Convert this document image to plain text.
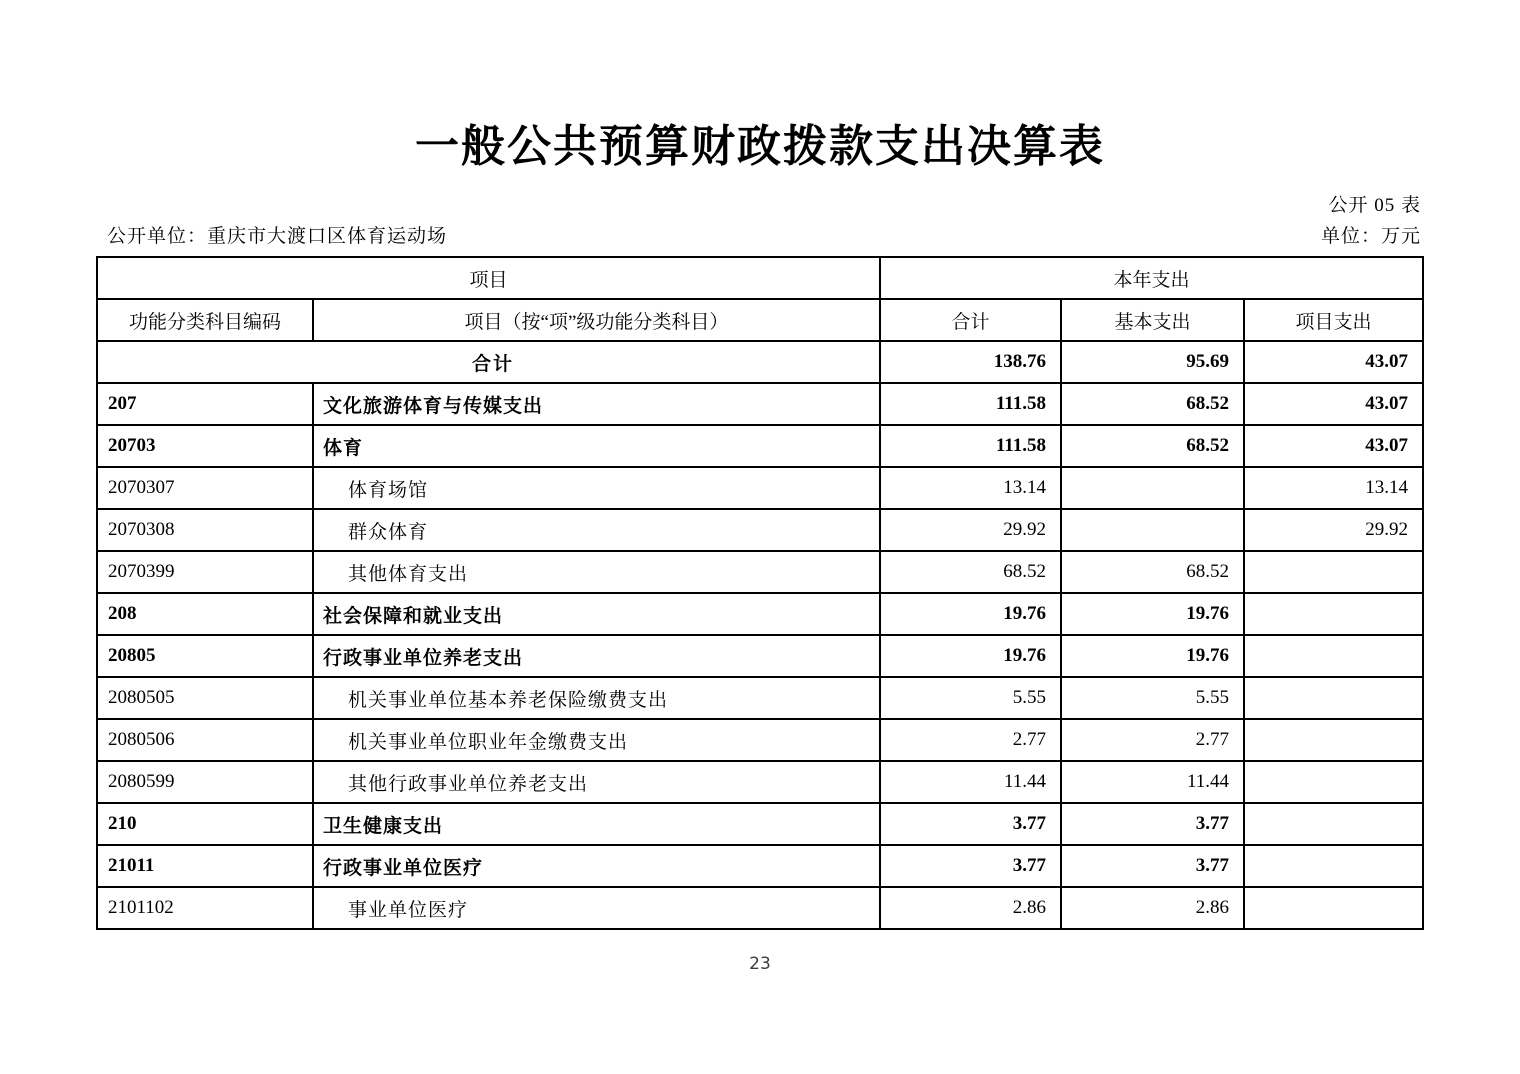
一般公共预算财政拨款支出决算表
公开 05 表
公开单位：重庆市大渡口区体育运动场	单位：万元
项目		本年支出		
功能分类科目编码	项目（按“项”级功能分类科目）	合计	基本支出	项目支出
合计		138.76	95.69	43.07
207	文化旅游体育与传媒支出	111.58	68.52	43.07
20703	体育	111.58	68.52	43.07
2070307	体育场馆	13.14		13.14
2070308	群众体育	29.92		29.92
2070399	其他体育支出	68.52	68.52	
208	社会保障和就业支出	19.76	19.76	
20805	行政事业单位养老支出	19.76	19.76	
2080505	机关事业单位基本养老保险缴费支出	5.55	5.55	
2080506	机关事业单位职业年金缴费支出	2.77	2.77	
2080599	其他行政事业单位养老支出	11.44	11.44	
210	卫生健康支出	3.77	3.77	
21011	行政事业单位医疗	3.77	3.77	
2101102	事业单位医疗	2.86	2.86	
23
